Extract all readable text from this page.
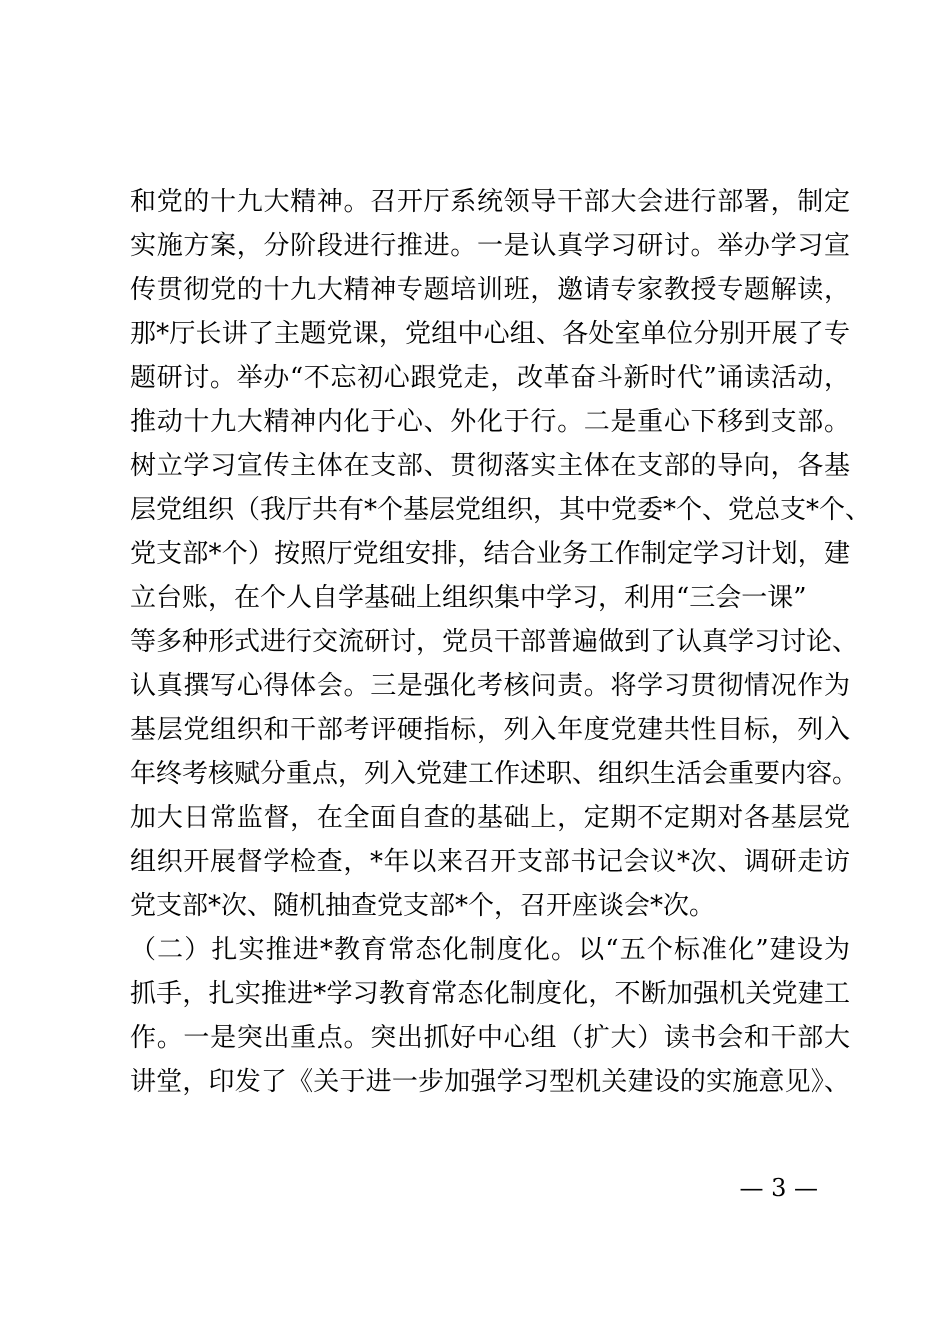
和党的十九大精神。召开厅系统领导干部大会进行部署，制定
实施方案，分阶段进行推进。一是认真学习研讨。举办学习宣
传贯彻党的十九大精神专题培训班，邀请专家教授专题解读，
那*厅长讲了主题党课，党组中心组、各处室单位分别开展了专
题研讨。举办“不忘初心跟党走，改革奋斗新时代”诵读活动，
推动十九大精神内化于心、外化于行。二是重心下移到支部。
树立学习宣传主体在支部、贯彻落实主体在支部的导向，各基
层党组织（我厅共有*个基层党组织，其中党委*个、党总支*个、
党支部*个）按照厅党组安排，结合业务工作制定学习计划，建
立台账，在个人自学基础上组织集中学习，利用“三会一课”
等多种形式进行交流研讨，党员干部普遍做到了认真学习讨论、
认真撰写心得体会。三是强化考核问责。将学习贯彻情况作为
基层党组织和干部考评硬指标，列入年度党建共性目标，列入
年终考核赋分重点，列入党建工作述职、组织生活会重要内容。
加大日常监督，在全面自查的基础上，定期不定期对各基层党
组织开展督学检查，*年以来召开支部书记会议*次、调研走访
党支部*次、随机抽查党支部*个，召开座谈会*次。
（二）扎实推进*教育常态化制度化。以“五个标准化”建设为
抓手，扎实推进*学习教育常态化制度化，不断加强机关党建工
作。一是突出重点。突出抓好中心组（扩大）读书会和干部大
讲堂，印发了《关于进一步加强学习型机关建设的实施意见》、
— 3 —
